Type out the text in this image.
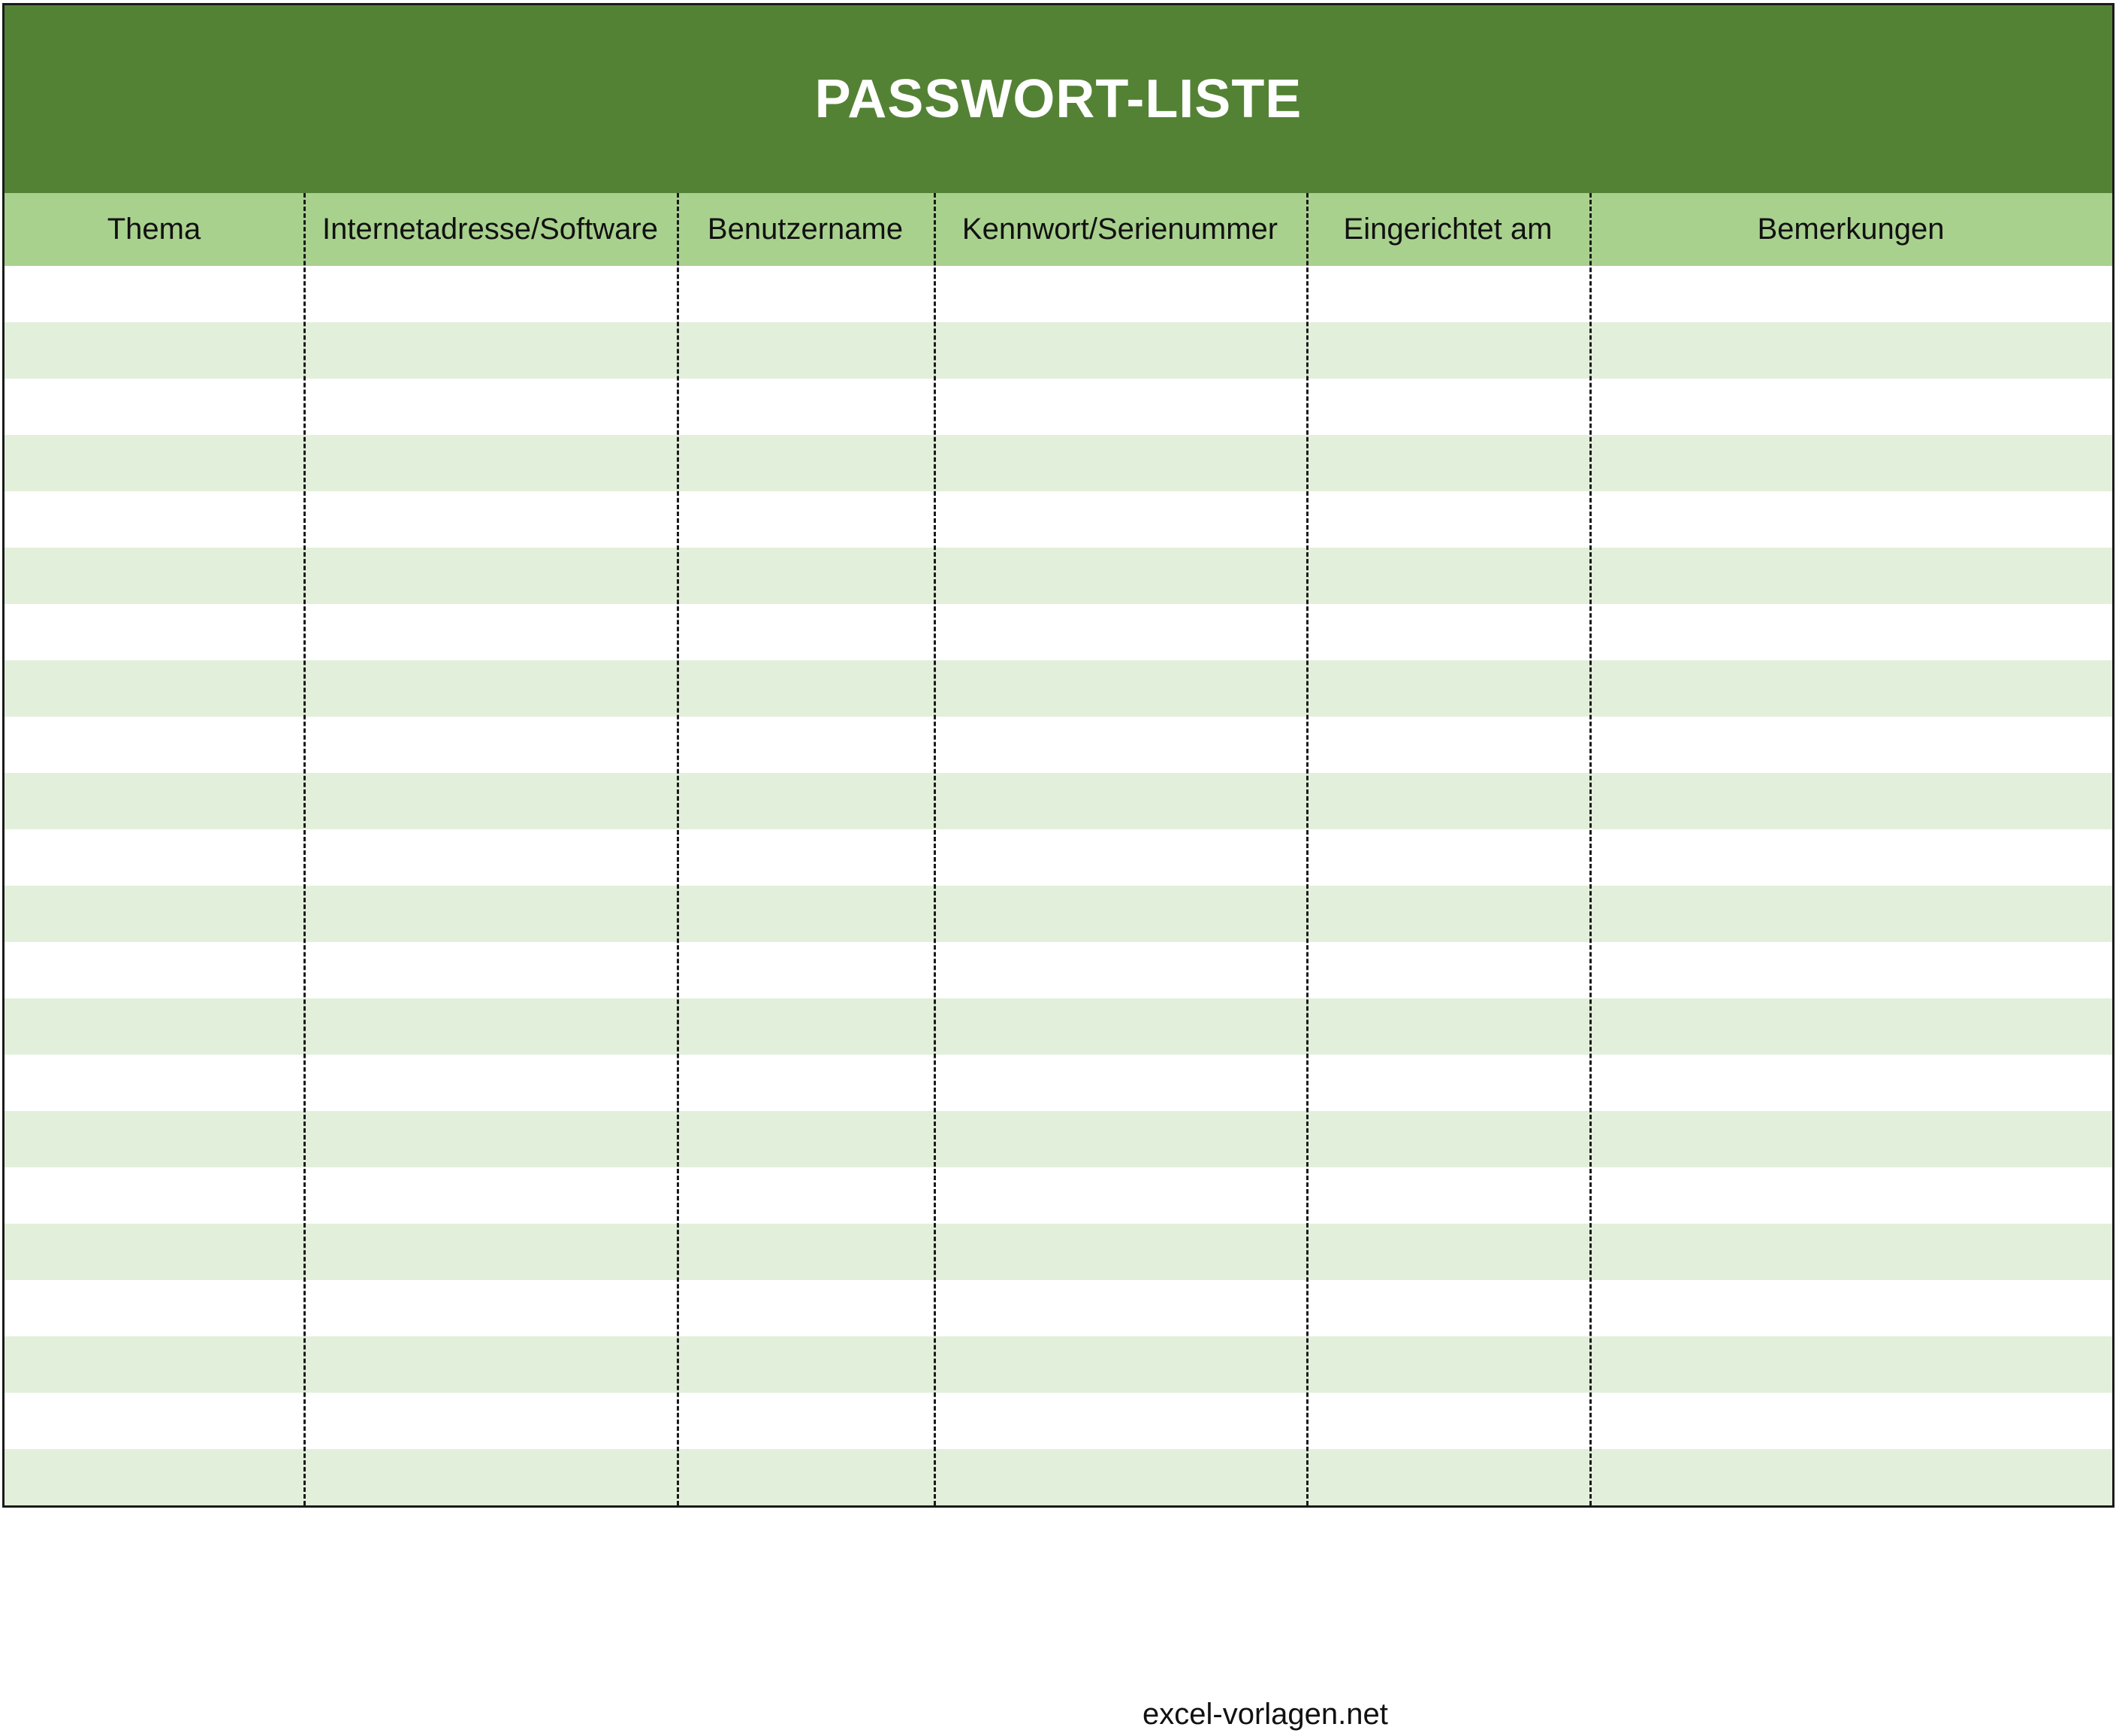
PASSWORT-LISTE
Thema	Internetadresse/Software	Benutzername	Kennwort/Serienummer	Eingerichtet am	Bemerkungen
excel-vorlagen.net
